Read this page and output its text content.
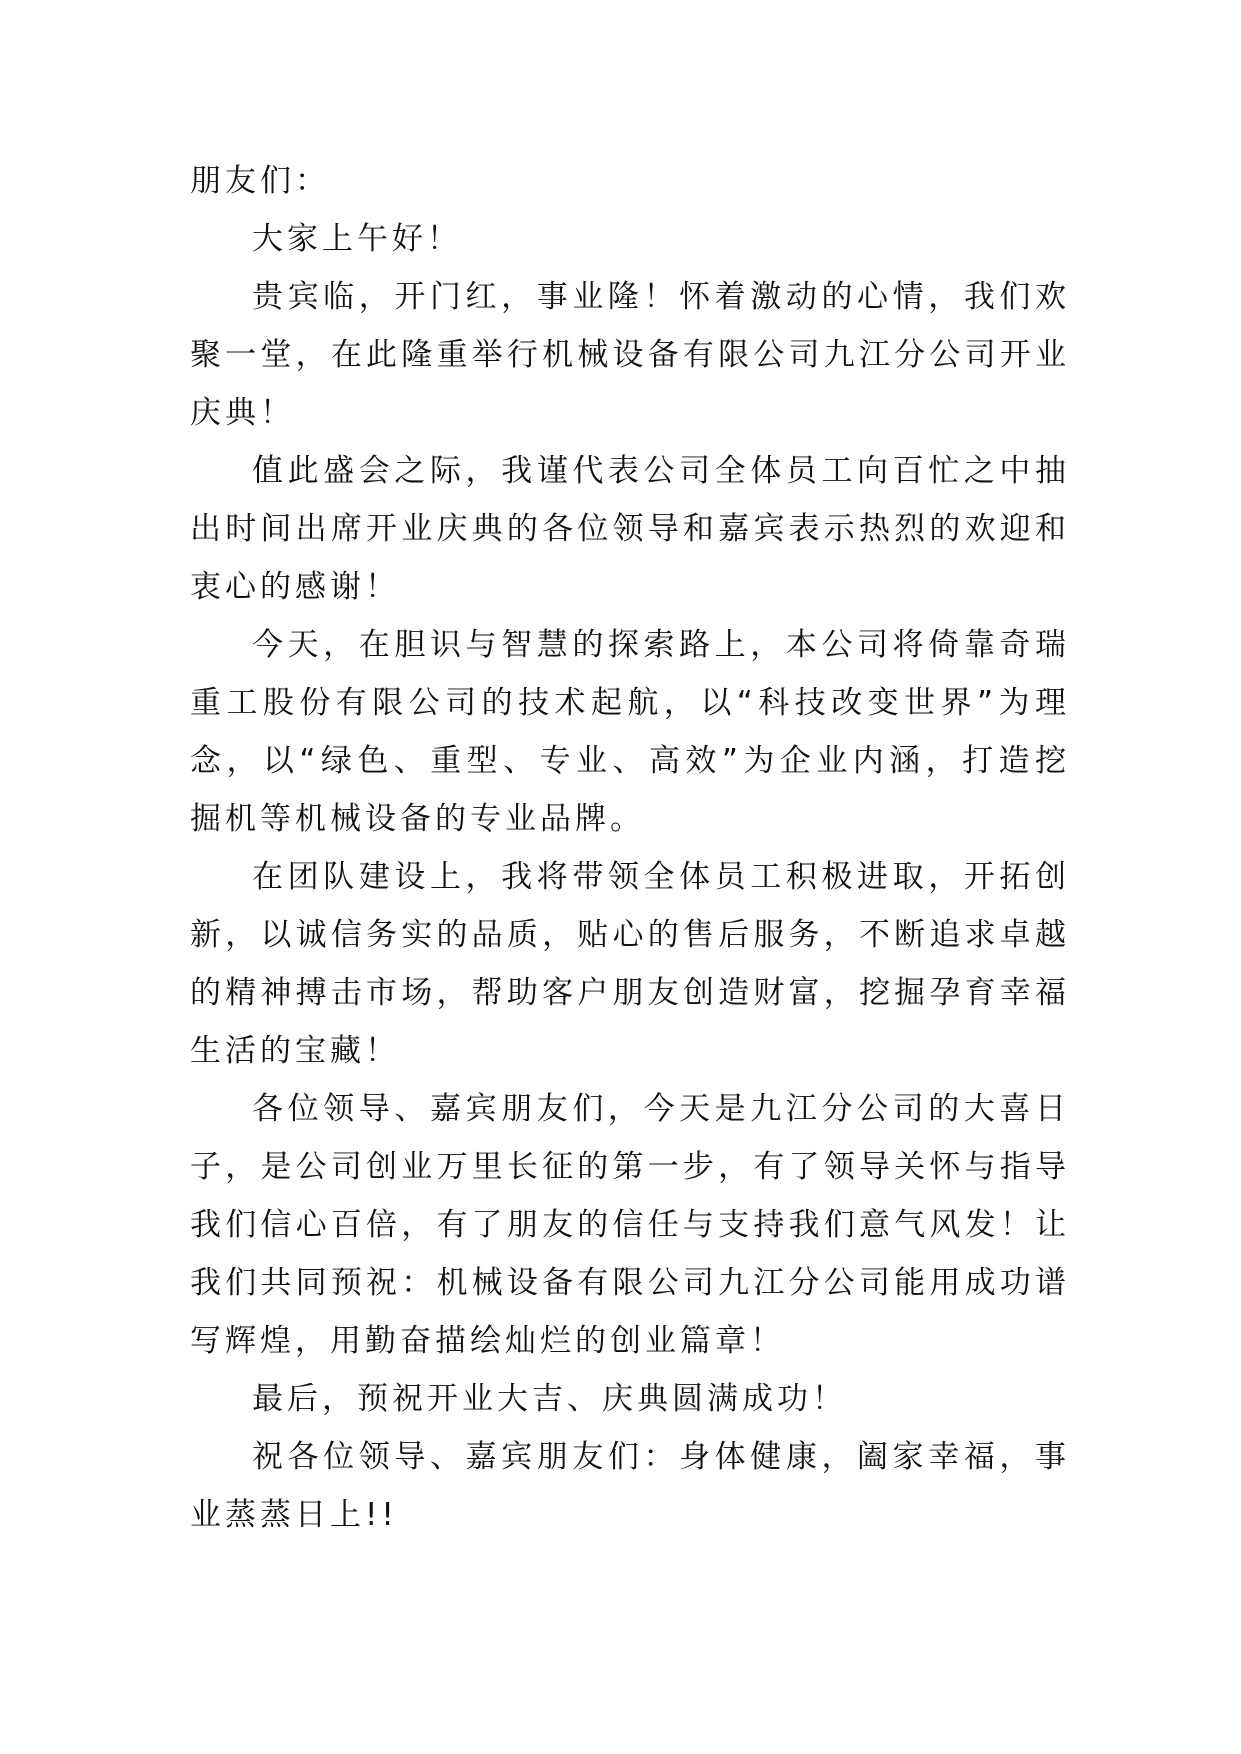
朋友们：

大家上午好！

贵宾临，开门红，事业隆！怀着激动的心情，我们欢聚一堂，在此隆重举行机械设备有限公司九江分公司开业庆典！

值此盛会之际，我谨代表公司全体员工向百忙之中抽出时间出席开业庆典的各位领导和嘉宾表示热烈的欢迎和衷心的感谢！

今天，在胆识与智慧的探索路上，本公司将倚靠奇瑞重工股份有限公司的技术起航，以“科技改变世界”为理念，以“绿色、重型、专业、高效”为企业内涵，打造挖掘机等机械设备的专业品牌。

在团队建设上，我将带领全体员工积极进取，开拓创新，以诚信务实的品质，贴心的售后服务，不断追求卓越的精神搏击市场，帮助客户朋友创造财富，挖掘孕育幸福生活的宝藏！

各位领导、嘉宾朋友们，今天是九江分公司的大喜日子，是公司创业万里长征的第一步，有了领导关怀与指导我们信心百倍，有了朋友的信任与支持我们意气风发！让我们共同预祝：机械设备有限公司九江分公司能用成功谱写辉煌，用勤奋描绘灿烂的创业篇章！

最后，预祝开业大吉、庆典圆满成功！

祝各位领导、嘉宾朋友们：身体健康，阖家幸福，事业蒸蒸日上!!
